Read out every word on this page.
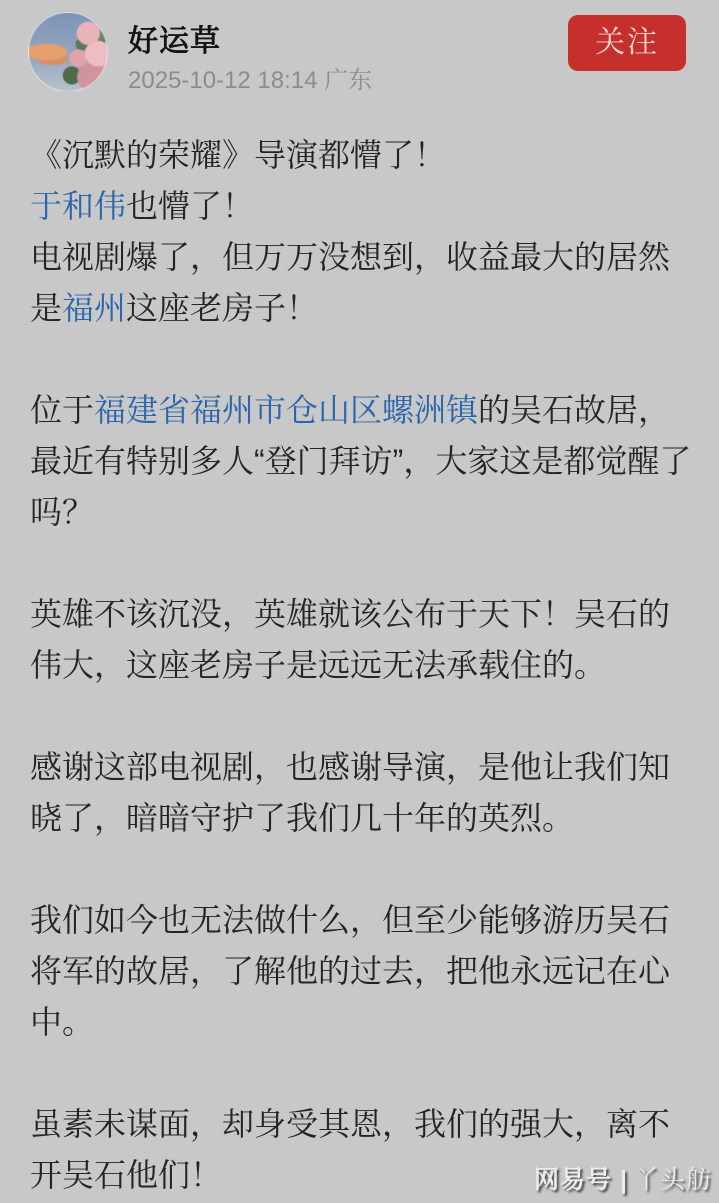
好运草
2025-10-12 18:14 广东
关注
《沉默的荣耀》导演都懵了！
于和伟也懵了！
电视剧爆了，但万万没想到，收益最大的居然
是福州这座老房子！
位于福建省福州市仓山区螺洲镇的吴石故居，
最近有特别多人“登门拜访”，大家这是都觉醒了
吗？
英雄不该沉没，英雄就该公布于天下！吴石的
伟大，这座老房子是远远无法承载住的。
感谢这部电视剧，也感谢导演，是他让我们知
晓了，暗暗守护了我们几十年的英烈。
我们如今也无法做什么，但至少能够游历吴石
将军的故居，了解他的过去，把他永远记在心
中。
虽素未谋面，却身受其恩，我们的强大，离不
开吴石他们！	网易号 | 丫头舫
